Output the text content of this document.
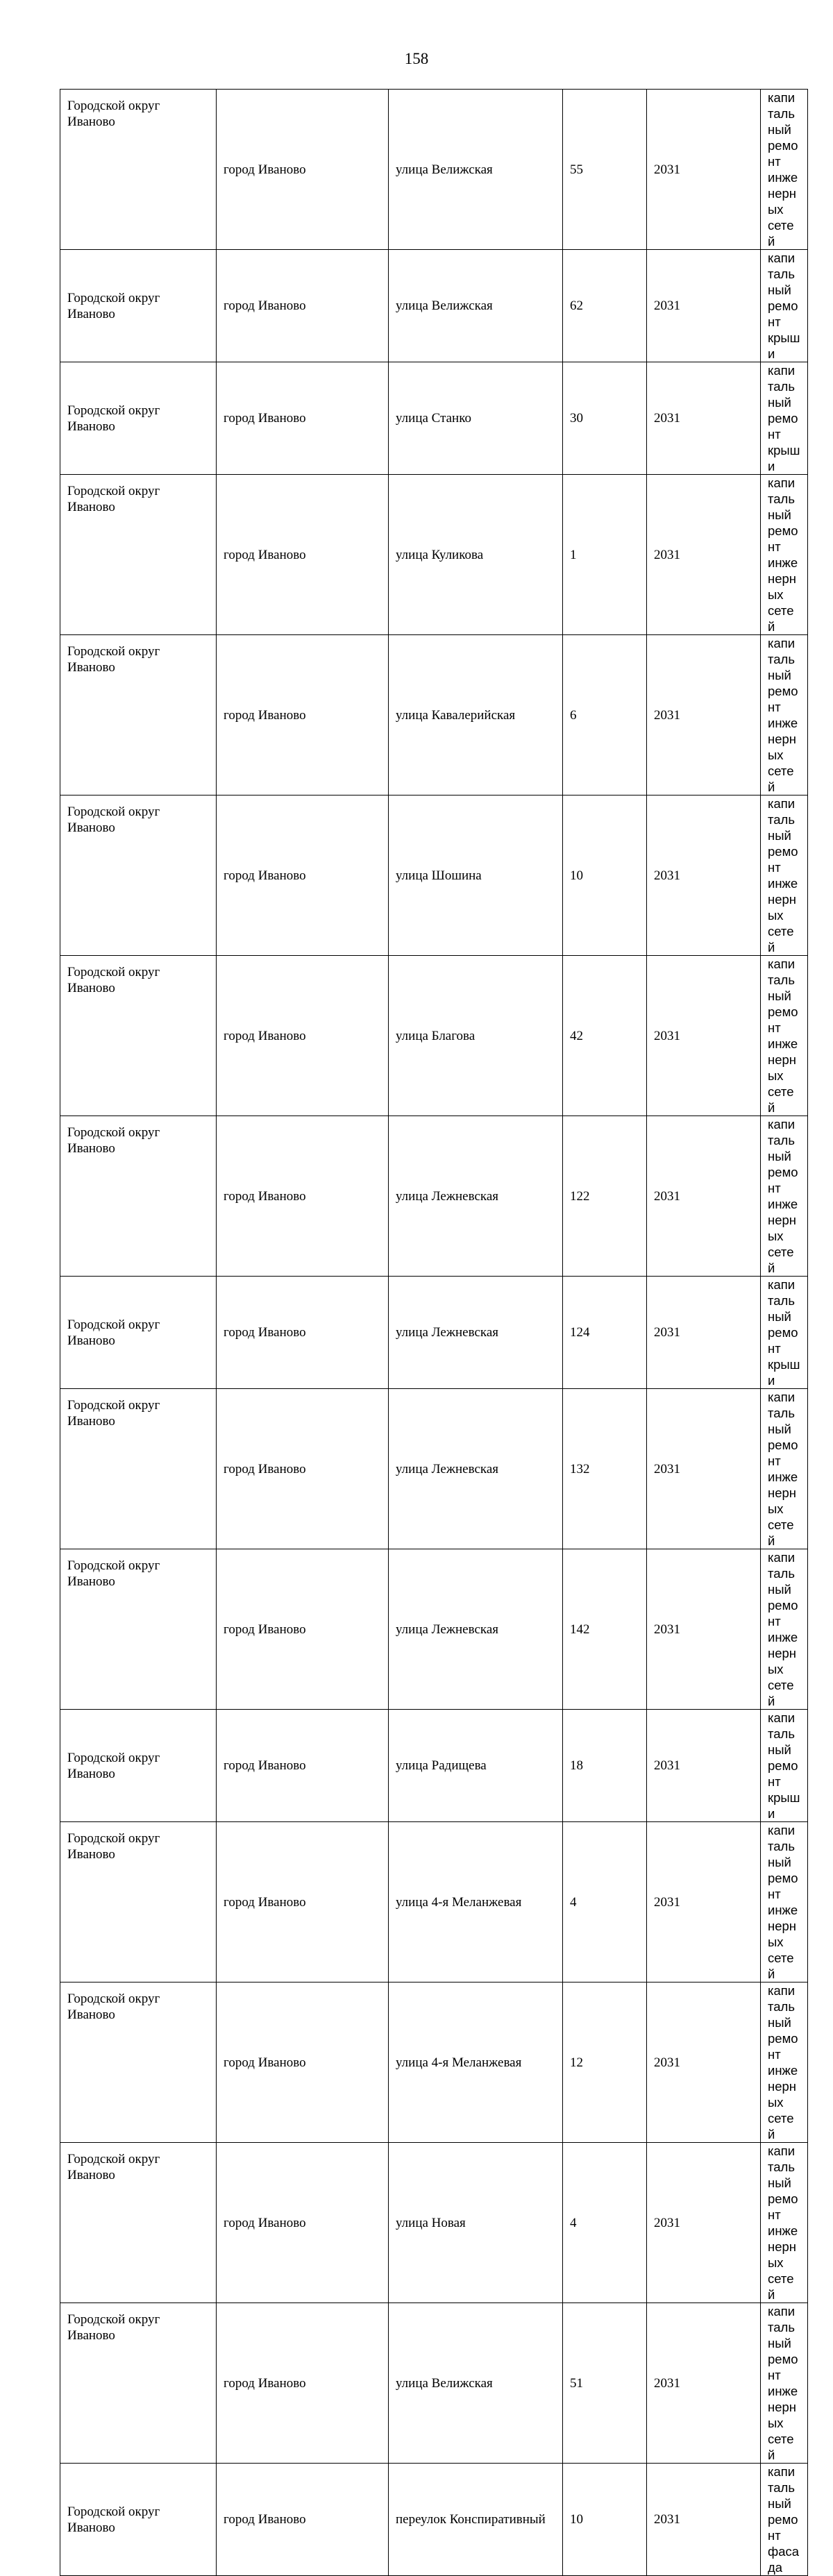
158
Городской округ Иваново	город Иваново	улица Велижская	55	2031	капитальный ремонт инженерных сетей
Городской округ Иваново	город Иваново	улица Велижская	62	2031	капитальный ремонт крыши
Городской округ Иваново	город Иваново	улица Станко	30	2031	капитальный ремонт крыши
Городской округ Иваново	город Иваново	улица Куликова	1	2031	капитальный ремонт инженерных сетей
Городской округ Иваново	город Иваново	улица Кавалерийская	6	2031	капитальный ремонт инженерных сетей
Городской округ Иваново	город Иваново	улица Шошина	10	2031	капитальный ремонт инженерных сетей
Городской округ Иваново	город Иваново	улица Благова	42	2031	капитальный ремонт инженерных сетей
Городской округ Иваново	город Иваново	улица Лежневская	122	2031	капитальный ремонт инженерных сетей
Городской округ Иваново	город Иваново	улица Лежневская	124	2031	капитальный ремонт крыши
Городской округ Иваново	город Иваново	улица Лежневская	132	2031	капитальный ремонт инженерных сетей
Городской округ Иваново	город Иваново	улица Лежневская	142	2031	капитальный ремонт инженерных сетей
Городской округ Иваново	город Иваново	улица Радищева	18	2031	капитальный ремонт крыши
Городской округ Иваново	город Иваново	улица 4-я Меланжевая	4	2031	капитальный ремонт инженерных сетей
Городской округ Иваново	город Иваново	улица 4-я Меланжевая	12	2031	капитальный ремонт инженерных сетей
Городской округ Иваново	город Иваново	улица Новая	4	2031	капитальный ремонт инженерных сетей
Городской округ Иваново	город Иваново	улица Велижская	51	2031	капитальный ремонт инженерных сетей
Городской округ Иваново	город Иваново	переулок Конспиративный	10	2031	капитальный ремонт фасада
